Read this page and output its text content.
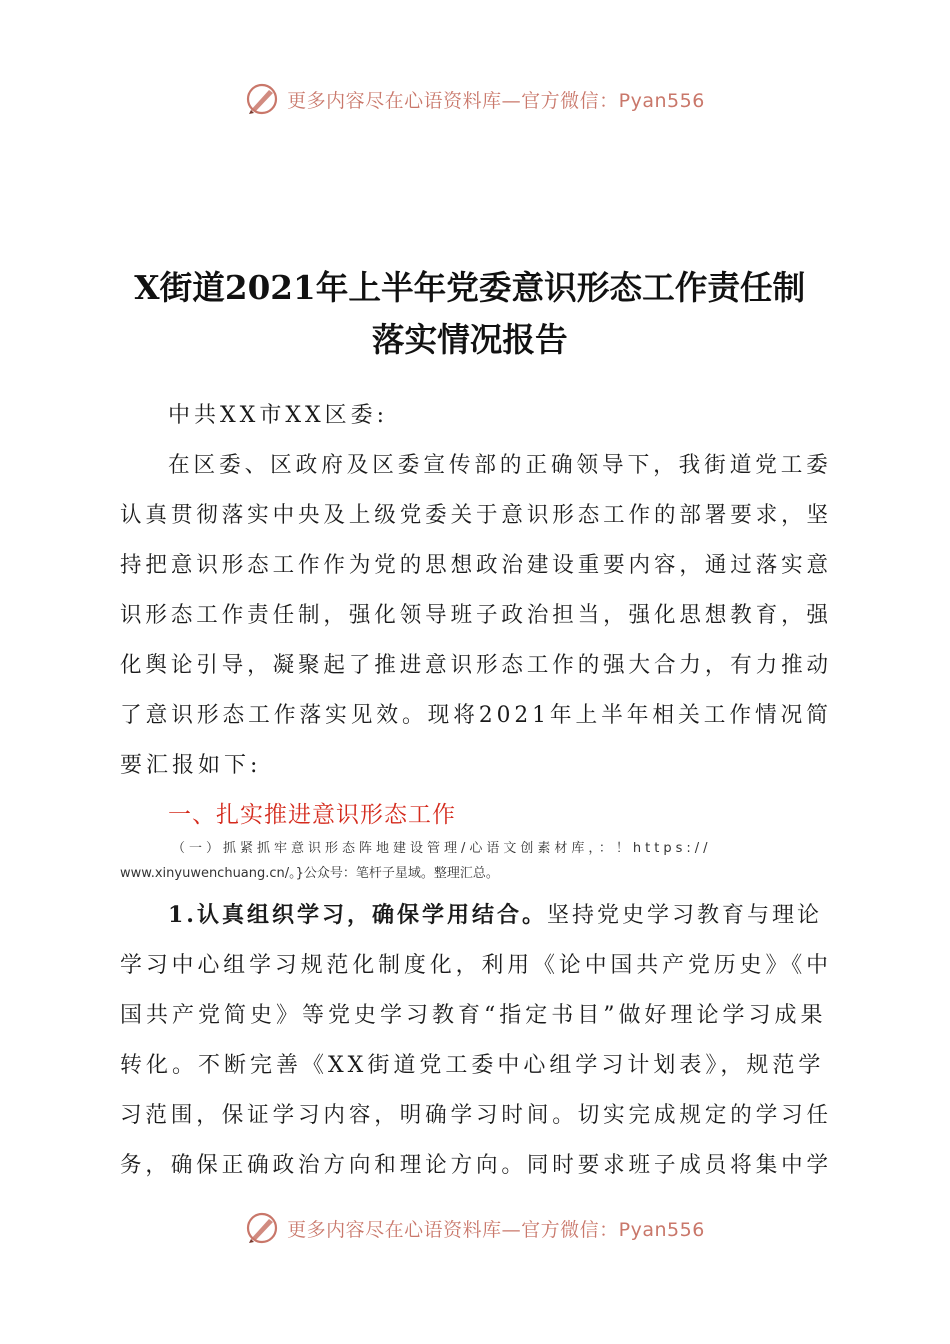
更多内容尽在心语资料库—官方微信：Pyan556
X街道2021年上半年党委意识形态工作责任制
落实情况报告
中共XX市XX区委:
在区委、区政府及区委宣传部的正确领导下，我街道党工委
认真贯彻落实中央及上级党委关于意识形态工作的部署要求，坚
持把意识形态工作作为党的思想政治建设重要内容，通过落实意
识形态工作责任制，强化领导班子政治担当，强化思想教育，强
化舆论引导，凝聚起了推进意识形态工作的强大合力，有力推动
了意识形态工作落实见效。现将2021年上半年相关工作情况简
要汇报如下:
一、扎实推进意识形态工作
（一）抓紧抓牢意识形态阵地建设管理/心语文创素材库，：！https://
www.xinyuwenchuang.cn/。}公众号：笔杆子星域。整理汇总。
1.认真组织学习，确保学用结合。坚持党史学习教育与理论
学习中心组学习规范化制度化，利用《论中国共产党历史》《中
国共产党简史》等党史学习教育“指定书目”做好理论学习成果
转化。不断完善《XX街道党工委中心组学习计划表》，规范学
习范围，保证学习内容，明确学习时间。切实完成规定的学习任
务，确保正确政治方向和理论方向。同时要求班子成员将集中学
更多内容尽在心语资料库—官方微信：Pyan556
